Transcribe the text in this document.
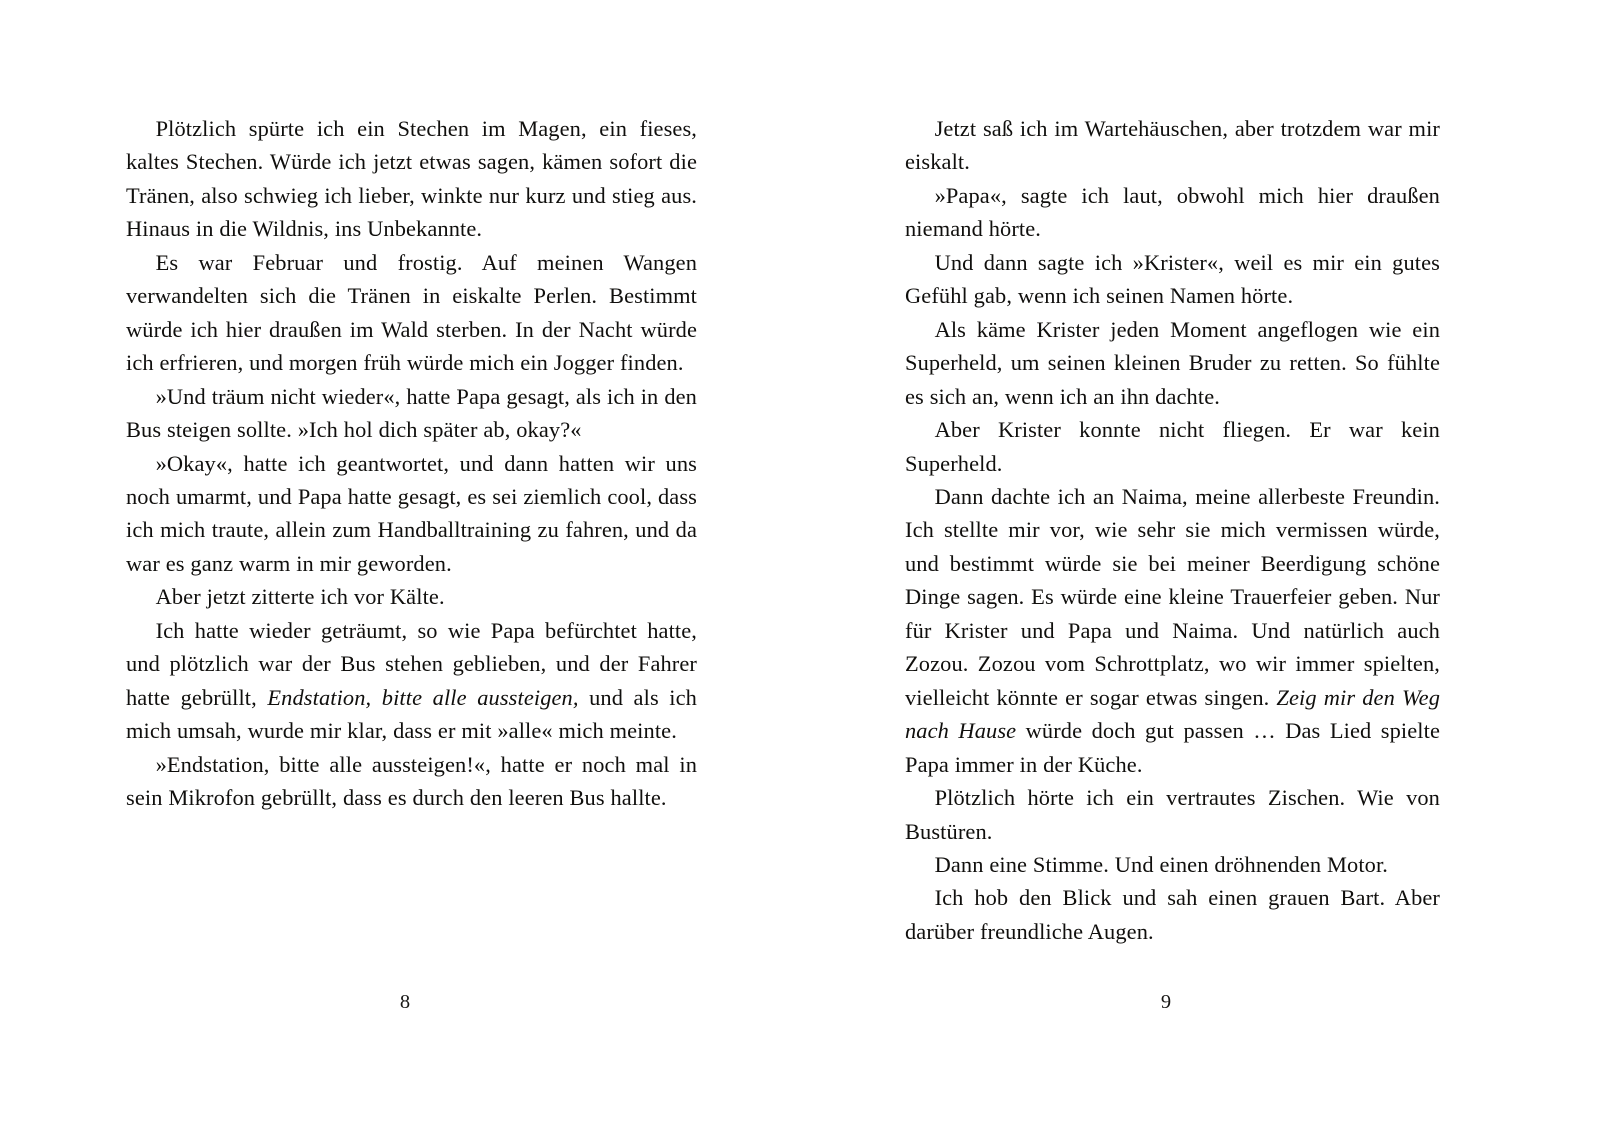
Plötzlich spürte ich ein Stechen im Magen, ein fieses, kaltes Stechen. Würde ich jetzt etwas sagen, kämen sofort die Tränen, also schwieg ich lieber, winkte nur kurz und stieg aus. Hinaus in die Wildnis, ins Unbekannte.

Es war Februar und frostig. Auf meinen Wangen verwandelten sich die Tränen in eiskalte Perlen. Bestimmt würde ich hier draußen im Wald sterben. In der Nacht würde ich erfrieren, und morgen früh würde mich ein Jogger finden.

»Und träum nicht wieder«, hatte Papa gesagt, als ich in den Bus steigen sollte. »Ich hol dich später ab, okay?«

»Okay«, hatte ich geantwortet, und dann hatten wir uns noch umarmt, und Papa hatte gesagt, es sei ziemlich cool, dass ich mich traute, allein zum Handballtraining zu fahren, und da war es ganz warm in mir geworden.

Aber jetzt zitterte ich vor Kälte.

Ich hatte wieder geträumt, so wie Papa befürchtet hatte, und plötzlich war der Bus stehen geblieben, und der Fahrer hatte gebrüllt, Endstation, bitte alle aussteigen, und als ich mich umsah, wurde mir klar, dass er mit »alle« mich meinte.

»Endstation, bitte alle aussteigen!«, hatte er noch mal in sein Mikrofon gebrüllt, dass es durch den leeren Bus hallte.

Jetzt saß ich im Wartehäuschen, aber trotzdem war mir eiskalt.

»Papa«, sagte ich laut, obwohl mich hier draußen niemand hörte.

Und dann sagte ich »Krister«, weil es mir ein gutes Gefühl gab, wenn ich seinen Namen hörte.

Als käme Krister jeden Moment angeflogen wie ein Superheld, um seinen kleinen Bruder zu retten. So fühlte es sich an, wenn ich an ihn dachte.

Aber Krister konnte nicht fliegen. Er war kein Superheld.

Dann dachte ich an Naima, meine allerbeste Freundin. Ich stellte mir vor, wie sehr sie mich vermissen würde, und bestimmt würde sie bei meiner Beerdigung schöne Dinge sagen. Es würde eine kleine Trauerfeier geben. Nur für Krister und Papa und Naima. Und natürlich auch Zozou. Zozou vom Schrottplatz, wo wir immer spielten, vielleicht könnte er sogar etwas singen. Zeig mir den Weg nach Hause würde doch gut passen … Das Lied spielte Papa immer in der Küche.

Plötzlich hörte ich ein vertrautes Zischen. Wie von Bustüren.

Dann eine Stimme. Und einen dröhnenden Motor.

Ich hob den Blick und sah einen grauen Bart. Aber darüber freundliche Augen.

8	9
